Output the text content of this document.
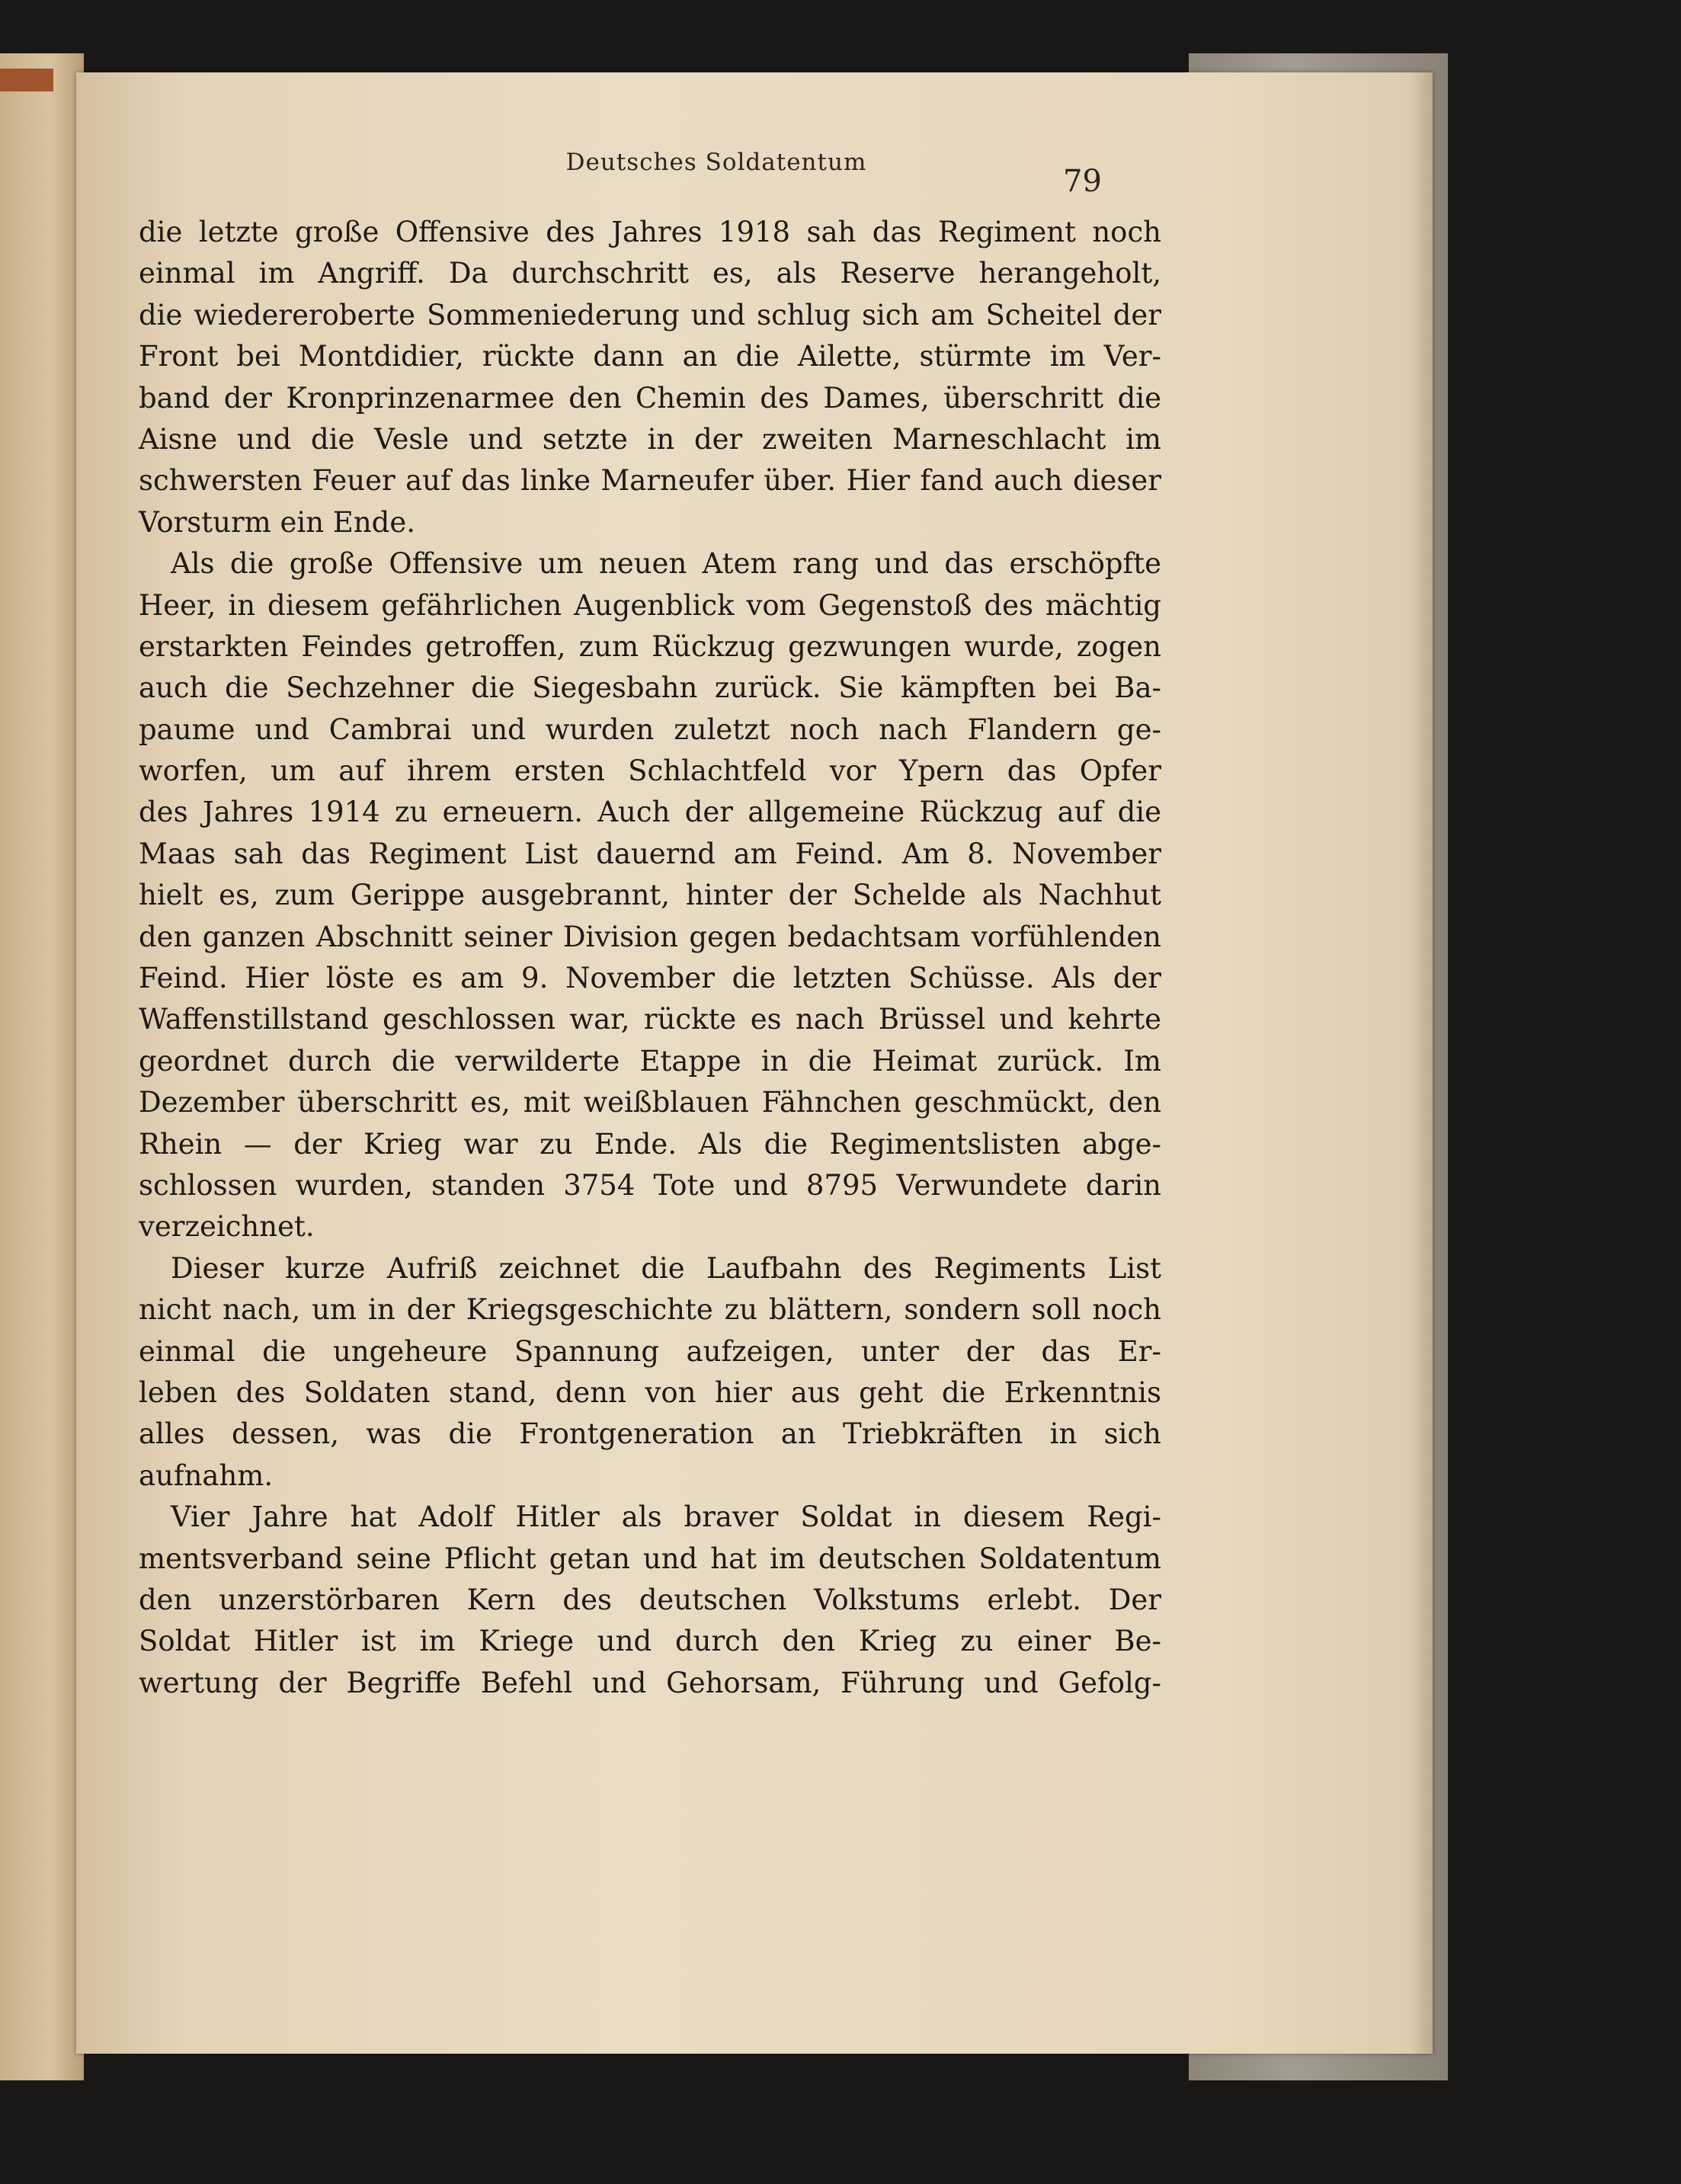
Deutsches Soldatentum
79
die letzte große Offensive des Jahres 1918 sah das Regiment noch
einmal im Angriff. Da durchschritt es, als Reserve herangeholt,
die wiedereroberte Sommeniederung und schlug sich am Scheitel der
Front bei Montdidier, rückte dann an die Ailette, stürmte im Ver-
band der Kronprinzenarmee den Chemin des Dames, überschritt die
Aisne und die Vesle und setzte in der zweiten Marneschlacht im
schwersten Feuer auf das linke Marneufer über. Hier fand auch dieser
Vorsturm ein Ende.
Als die große Offensive um neuen Atem rang und das erschöpfte
Heer, in diesem gefährlichen Augenblick vom Gegenstoß des mächtig
erstarkten Feindes getroffen, zum Rückzug gezwungen wurde, zogen
auch die Sechzehner die Siegesbahn zurück. Sie kämpften bei Ba-
paume und Cambrai und wurden zuletzt noch nach Flandern ge-
worfen, um auf ihrem ersten Schlachtfeld vor Ypern das Opfer
des Jahres 1914 zu erneuern. Auch der allgemeine Rückzug auf die
Maas sah das Regiment List dauernd am Feind. Am 8. November
hielt es, zum Gerippe ausgebrannt, hinter der Schelde als Nachhut
den ganzen Abschnitt seiner Division gegen bedachtsam vorfühlenden
Feind. Hier löste es am 9. November die letzten Schüsse. Als der
Waffenstillstand geschlossen war, rückte es nach Brüssel und kehrte
geordnet durch die verwilderte Etappe in die Heimat zurück. Im
Dezember überschritt es, mit weißblauen Fähnchen geschmückt, den
Rhein — der Krieg war zu Ende. Als die Regimentslisten abge-
schlossen wurden, standen 3754 Tote und 8795 Verwundete darin
verzeichnet.
Dieser kurze Aufriß zeichnet die Laufbahn des Regiments List
nicht nach, um in der Kriegsgeschichte zu blättern, sondern soll noch
einmal die ungeheure Spannung aufzeigen, unter der das Er-
leben des Soldaten stand, denn von hier aus geht die Erkenntnis
alles dessen, was die Frontgeneration an Triebkräften in sich
aufnahm.
Vier Jahre hat Adolf Hitler als braver Soldat in diesem Regi-
mentsverband seine Pflicht getan und hat im deutschen Soldatentum
den unzerstörbaren Kern des deutschen Volkstums erlebt. Der
Soldat Hitler ist im Kriege und durch den Krieg zu einer Be-
wertung der Begriffe Befehl und Gehorsam, Führung und Gefolg-
